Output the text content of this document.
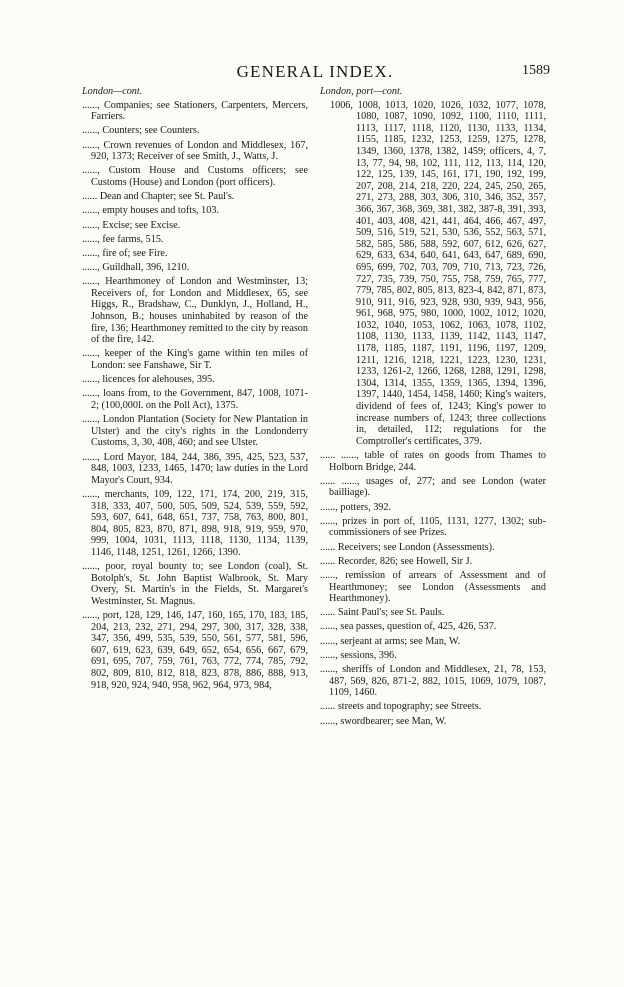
GENERAL INDEX.	1589
London—cont.

......, Companies; see Stationers, Carpenters, Mercers, Farriers.

......, Counters; see Counters.

......, Crown revenues of London and Middlesex, 167, 920, 1373; Receiver of see Smith, J., Watts, J.

......, Custom House and Customs officers; see Customs (House) and London (port officers).

...... Dean and Chapter; see St. Paul's.

......, empty houses and tofts, 103.

......, Excise; see Excise.

......, fee farms, 515.

......, fire of; see Fire.

......, Guildhall, 396, 1210.

......, Hearthmoney of London and Westminster, 13; Receivers of, for London and Middlesex, 65, see Higgs, R., Bradshaw, C., Dunklyn, J., Holland, H., Johnson, B.; houses uninhabited by reason of the fire, 136; Hearthmoney remitted to the city by reason of the fire, 142.

......, keeper of the King's game within ten miles of London: see Fanshawe, Sir T.

......, licences for alehouses, 395.

......, loans from, to the Government, 847, 1008, 1071-2; (100,000l. on the Poll Act), 1375.

......, London Plantation (Society for New Plantation in Ulster) and the city's rights in the Londonderry Customs, 3, 30, 408, 460; and see Ulster.

......, Lord Mayor, 184, 244, 386, 395, 425, 523, 537, 848, 1003, 1233, 1465, 1470; law duties in the Lord Mayor's Court, 934.

......, merchants, 109, 122, 171, 174, 200, 219, 315, 318, 333, 407, 500, 505, 509, 524, 539, 559, 592, 593, 607, 641, 648, 651, 737, 758, 763, 800, 801, 804, 805, 823, 870, 871, 898, 918, 919, 959, 970, 999, 1004, 1031, 1113, 1118, 1130, 1134, 1139, 1146, 1148, 1251, 1261, 1266, 1390.

......, poor, royal bounty to; see London (coal), St. Botolph's, St. John Baptist Walbrook, St. Mary Overy, St. Martin's in the Fields, St. Margaret's Westminster, St. Magnus.

......, port, 128, 129, 146, 147, 160, 165, 170, 183, 185, 204, 213, 232, 271, 294, 297, 300, 317, 328, 338, 347, 356, 499, 535, 539, 550, 561, 577, 581, 596, 607, 619, 623, 639, 649, 652, 654, 656, 667, 679, 691, 695, 707, 759, 761, 763, 772, 774, 785, 792, 802, 809, 810, 812, 818, 823, 878, 886, 888, 913, 918, 920, 924, 940, 958, 962, 964, 973, 984,

London, port—cont.

1006, 1008, 1013, 1020, 1026, 1032, 1077, 1078, 1080, 1087, 1090, 1092, 1100, 1110, 1111, 1113, 1117, 1118, 1120, 1130, 1133, 1134, 1155, 1185, 1232, 1253, 1259, 1275, 1278, 1349, 1360, 1378, 1382, 1459; officers, 4, 7, 13, 77, 94, 98, 102, 111, 112, 113, 114, 120, 122, 125, 139, 145, 161, 171, 190, 192, 199, 207, 208, 214, 218, 220, 224, 245, 250, 265, 271, 273, 288, 303, 306, 310, 346, 352, 357, 366, 367, 368, 369, 381, 382, 387-8, 391, 393, 401, 403, 408, 421, 441, 464, 466, 467, 497, 509, 516, 519, 521, 530, 536, 552, 563, 571, 582, 585, 586, 588, 592, 607, 612, 626, 627, 629, 633, 634, 640, 641, 643, 647, 689, 690, 695, 699, 702, 703, 709, 710, 713, 723, 726, 727, 735, 739, 750, 755, 758, 759, 765, 777, 779, 785, 802, 805, 813, 823-4, 842, 871, 873, 910, 911, 916, 923, 928, 930, 939, 943, 956, 961, 968, 975, 980, 1000, 1002, 1012, 1020, 1032, 1040, 1053, 1062, 1063, 1078, 1102, 1108, 1130, 1133, 1139, 1142, 1143, 1147, 1178, 1185, 1187, 1191, 1196, 1197, 1209, 1211, 1216, 1218, 1221, 1223, 1230, 1231, 1233, 1261-2, 1266, 1268, 1288, 1291, 1298, 1304, 1314, 1355, 1359, 1365, 1394, 1396, 1397, 1440, 1454, 1458, 1460; King's waiters, dividend of fees of, 1243; King's power to increase numbers of, 1243; three collections in, detailed, 112; regulations for the Comptroller's certificates, 379.

...... ......, table of rates on goods from Thames to Holborn Bridge, 244.

...... ......, usages of, 277; and see London (water bailliage).

......, potters, 392.

......, prizes in port of, 1105, 1131, 1277, 1302; sub-commissioners of see Prizes.

...... Receivers; see London (Assessments).

...... Recorder, 826; see Howell, Sir J.

......, remission of arrears of Assessment and of Hearthmoney; see London (Assessments and Hearthmoney).

...... Saint Paul's; see St. Pauls.

......, sea passes, question of, 425, 426, 537.

......, serjeant at arms; see Man, W.

......, sessions, 396.

......, sheriffs of London and Middlesex, 21, 78, 153, 487, 569, 826, 871-2, 882, 1015, 1069, 1079, 1087, 1109, 1460.

...... streets and topography; see Streets.

......, swordbearer; see Man, W.
